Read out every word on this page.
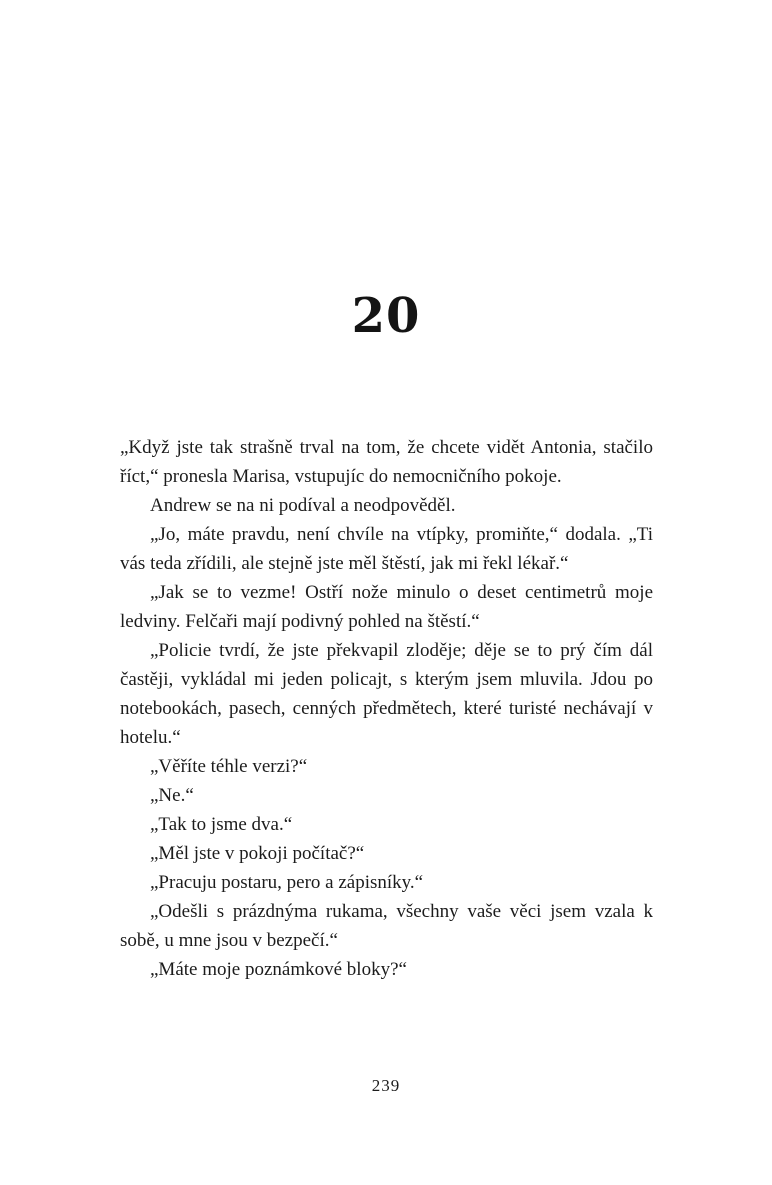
20

„Když jste tak strašně trval na tom, že chcete vidět Antonia, stačilo říct,“ pronesla Marisa, vstupujíc do nemocničního pokoje.

Andrew se na ni podíval a neodpověděl.

„Jo, máte pravdu, není chvíle na vtípky, promiňte,“ dodala. „Ti vás teda zřídili, ale stejně jste měl štěstí, jak mi řekl lékař.“

„Jak se to vezme! Ostří nože minulo o deset centimetrů moje ledviny. Felčaři mají podivný pohled na štěstí.“

„Policie tvrdí, že jste překvapil zloděje; děje se to prý čím dál častěji, vykládal mi jeden policajt, s kterým jsem mluvila. Jdou po notebookách, pasech, cenných předmětech, které turisté nechávají v hotelu.“

„Věříte téhle verzi?“

„Ne.“

„Tak to jsme dva.“

„Měl jste v pokoji počítač?“

„Pracuju postaru, pero a zápisníky.“

„Odešli s prázdnýma rukama, všechny vaše věci jsem vzala k sobě, u mne jsou v bezpečí.“

„Máte moje poznámkové bloky?“

239
